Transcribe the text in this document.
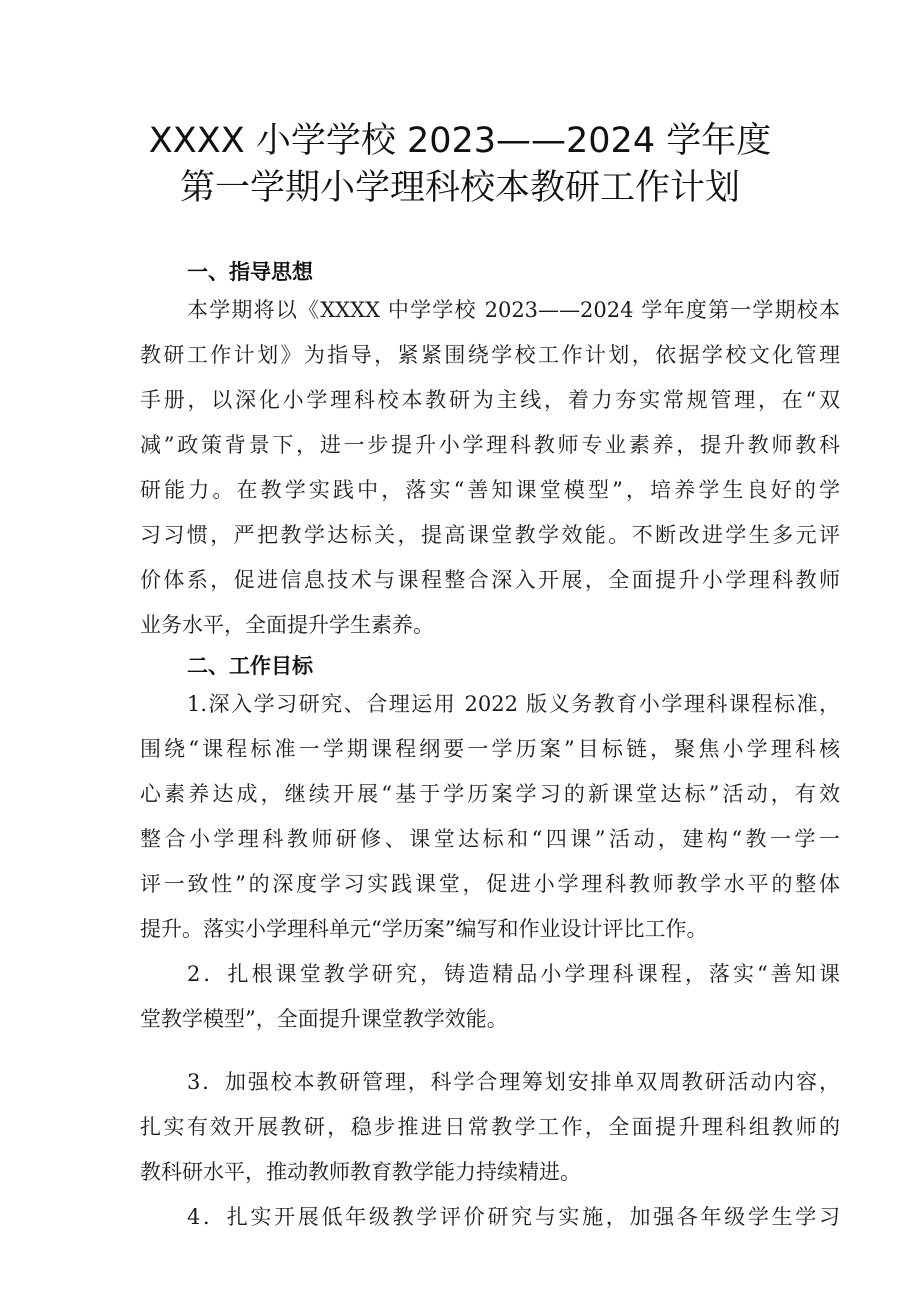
XXXX 小学学校 2023——2024 学年度
第一学期小学理科校本教研工作计划
一、指导思想
本学期将以《XXXX 中学学校 2023——2024 学年度第一学期校本
教研工作计划》为指导，紧紧围绕学校工作计划，依据学校文化管理
手册，以深化小学理科校本教研为主线，着力夯实常规管理，在“双
减”政策背景下，进一步提升小学理科教师专业素养，提升教师教科
研能力。在教学实践中，落实“善知课堂模型”，培养学生良好的学
习习惯，严把教学达标关，提高课堂教学效能。不断改进学生多元评
价体系，促进信息技术与课程整合深入开展，全面提升小学理科教师
业务水平，全面提升学生素养。
二、工作目标
1.深入学习研究、合理运用 2022 版义务教育小学理科课程标准，
围绕“课程标准一学期课程纲要一学历案”目标链，聚焦小学理科核
心素养达成，继续开展“基于学历案学习的新课堂达标”活动，有效
整合小学理科教师研修、课堂达标和“四课”活动，建构“教一学一
评一致性”的深度学习实践课堂，促进小学理科教师教学水平的整体
提升。落实小学理科单元“学历案”编写和作业设计评比工作。
2．扎根课堂教学研究，铸造精品小学理科课程，落实“善知课
堂教学模型”，全面提升课堂教学效能。
3．加强校本教研管理，科学合理筹划安排单双周教研活动内容，
扎实有效开展教研，稳步推进日常教学工作，全面提升理科组教师的
教科研水平，推动教师教育教学能力持续精进。
4．扎实开展低年级教学评价研究与实施，加强各年级学生学习
